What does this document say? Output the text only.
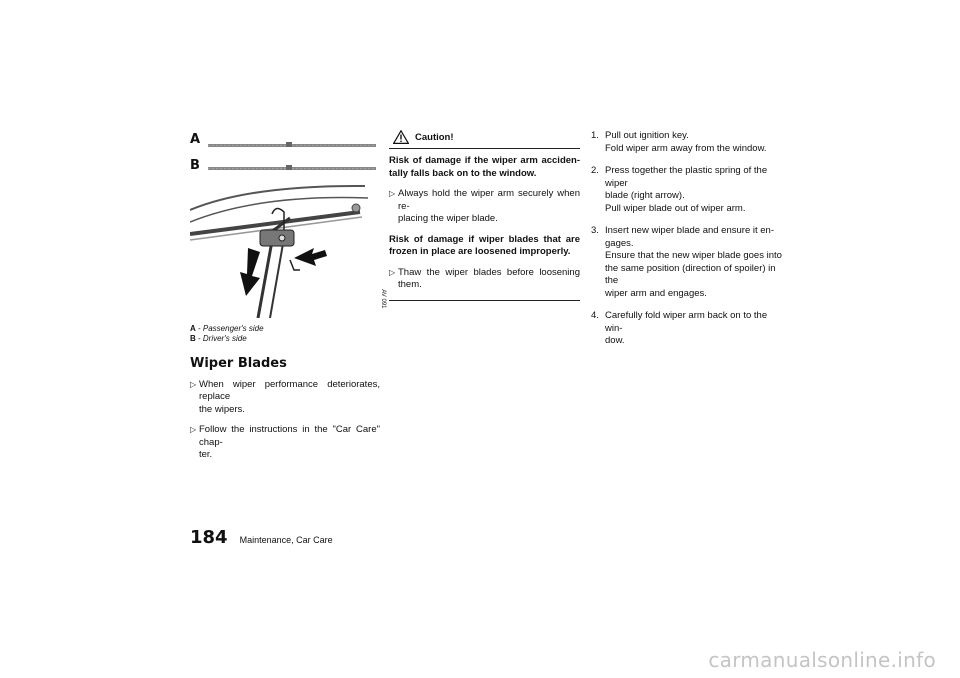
A
B
AV 091
A - Passenger's side
B - Driver's side
Wiper Blades
▷ When wiper performance deteriorates, replace
the wipers.
▷ Follow the instructions in the "Car Care" chap-
ter.
Caution!

Risk of damage if the wiper arm acciden-tally falls back on to the window.

▷ Always hold the wiper arm securely when re-
placing the wiper blade.

Risk of damage if wiper blades that are frozen in place are loosened improperly.

▷ Thaw the wiper blades before loosening them.
1. Pull out ignition key.
Fold wiper arm away from the window.
2. Press together the plastic spring of the wiper
blade (right arrow).
Pull wiper blade out of wiper arm.
3. Insert new wiper blade and ensure it en-
gages.
Ensure that the new wiper blade goes into
the same position (direction of spoiler) in the
wiper arm and engages.
4. Carefully fold wiper arm back on to the win-
dow.
184 Maintenance, Car Care
carmanualsonline.info
